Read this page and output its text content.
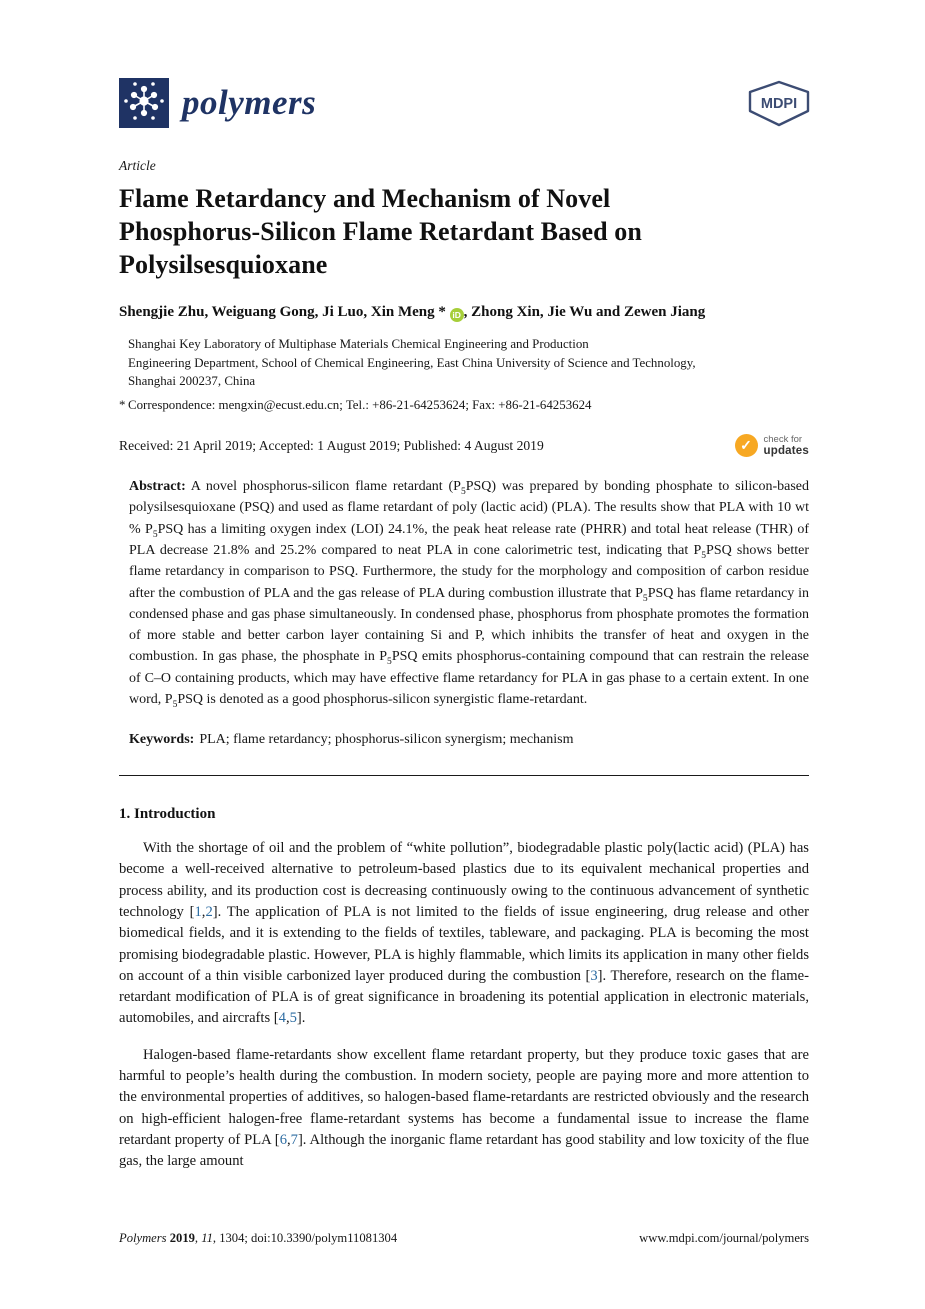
polymers	MDPI
Article
Flame Retardancy and Mechanism of Novel Phosphorus-Silicon Flame Retardant Based on Polysilsesquioxane
Shengjie Zhu, Weiguang Gong, Ji Luo, Xin Meng * iD , Zhong Xin, Jie Wu and Zewen Jiang
Shanghai Key Laboratory of Multiphase Materials Chemical Engineering and Production
Engineering Department, School of Chemical Engineering, East China University of Science and Technology,
Shanghai 200237, China
* Correspondence: mengxin@ecust.edu.cn; Tel.: +86-21-64253624; Fax: +86-21-64253624
Received: 21 April 2019; Accepted: 1 August 2019; Published: 4 August 2019	✓	check for
updates

Abstract: A novel phosphorus-silicon flame retardant $(P_5PSQ)$ was prepared by bonding phosphate to silicon-based polysilsesquioxane (PSQ) and used as flame retardant of poly (lactic acid) (PLA). The results show that PLA with 10 wt % $P_5PSQ$ has a limiting oxygen index (LOI) 24.1%, the peak heat release rate (PHRR) and total heat release (THR) of PLA decrease 21.8% and 25.2% compared to neat PLA in cone calorimetric test, indicating that $P_5PSQ$ shows better flame retardancy in comparison to PSQ. Furthermore, the study for the morphology and composition of carbon residue after the combustion of PLA and the gas release of PLA during combustion illustrate that $P_5PSQ$ has flame retardancy in condensed phase and gas phase simultaneously. In condensed phase, phosphorus from phosphate promotes the formation of more stable and better carbon layer containing Si and P, which inhibits the transfer of heat and oxygen in the combustion. In gas phase, the phosphate in $P_5PSQ$ emits phosphorus-containing compound that can restrain the release of C–O containing products, which may have effective flame retardancy for PLA in gas phase to a certain extent. In one word, $P_5PSQ$ is denoted as a good phosphorus-silicon synergistic flame-retardant.

Keywords: PLA; flame retardancy; phosphorus-silicon synergism; mechanism

1. Introduction

With the shortage of oil and the problem of “white pollution”, biodegradable plastic poly(lactic acid) (PLA) has become a well-received alternative to petroleum-based plastics due to its equivalent mechanical properties and process ability, and its production cost is decreasing continuously owing to the continuous advancement of synthetic technology [1,2]. The application of PLA is not limited to the fields of issue engineering, drug release and other biomedical fields, and it is extending to the fields of textiles, tableware, and packaging. PLA is becoming the most promising biodegradable plastic. However, PLA is highly flammable, which limits its application in many other fields on account of a thin visible carbonized layer produced during the combustion [3]. Therefore, research on the flame-retardant modification of PLA is of great significance in broadening its potential application in electronic materials, automobiles, and aircrafts [4,5].

Halogen-based flame-retardants show excellent flame retardant property, but they produce toxic gases that are harmful to people’s health during the combustion. In modern society, people are paying more and more attention to the environmental properties of additives, so halogen-based flame-retardants are restricted obviously and the research on high-efficient halogen-free flame-retardant systems has become a fundamental issue to increase the flame retardant property of PLA [6,7]. Although the inorganic flame retardant has good stability and low toxicity of the flue gas, the large amount

Polymers 2019, 11, 1304; doi:10.3390/polym11081304	www.mdpi.com/journal/polymers
